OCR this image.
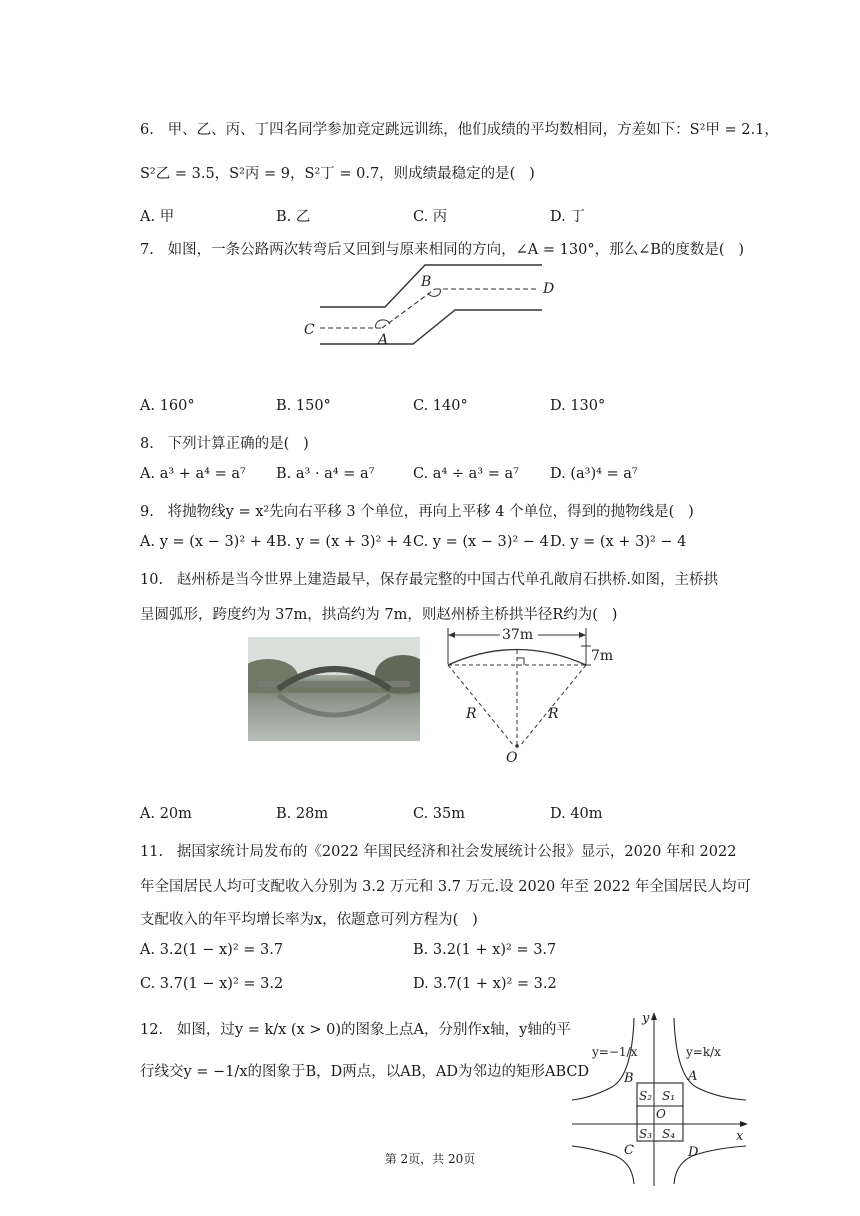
6.   甲、乙、丙、丁四名同学参加竞定跳远训练，他们成绩的平均数相同，方差如下：S²甲 = 2.1，
S²乙 = 3.5，S²丙 = 9，S²丁 = 0.7，则成绩最稳定的是(   )
A. 甲	B. 乙	C. 丙	D. 丁
7.   如图，一条公路两次转弯后又回到与原来相同的方向，∠A = 130°，那么∠B的度数是(   )
B	D
C
A
A. 160°	B. 150°	C. 140°	D. 130°
8.   下列计算正确的是(   )
A. a³ + a⁴ = a⁷ B. a³ · a⁴ = a⁷	C. a⁴ ÷ a³ = a⁷ D. (a³)⁴ = a⁷
9.   将抛物线y = x²先向右平移 3 个单位，再向上平移 4 个单位，得到的抛物线是(   )
A. y = (x − 3)² + 4 B. y = (x + 3)² + 4 C. y = (x − 3)² − 4 D. y = (x + 3)² − 4
10.   赵州桥是当今世界上建造最早，保存最完整的中国古代单孔敞肩石拱桥.如图，主桥拱
呈圆弧形，跨度约为 37m，拱高约为 7m，则赵州桥主桥拱半径R约为(   )
37m
7m
R	R
O
A. 20m	B. 28m	C. 35m	D. 40m
11.   据国家统计局发布的《2022 年国民经济和社会发展统计公报》显示，2020 年和 2022
年全国居民人均可支配收入分别为 3.2 万元和 3.7 万元.设 2020 年至 2022 年全国居民人均可
支配收入的年平均增长率为x，依题意可列方程为(   )
A. 3.2(1 − x)² = 3.7	B. 3.2(1 + x)² = 3.7
C. 3.7(1 − x)² = 3.2	D. 3.7(1 + x)² = 3.2
12.   如图，过y = k/x (x > 0)的图象上点A，分别作x轴，y轴的平
行线交y = −1/x的图象于B，D两点，以AB，AD为邻边的矩形ABCD
y
x
y=−1/x	y=k/x
B	A
S₂ S₁
O
S₃ S₄
C	D
第 2页，共 20页
